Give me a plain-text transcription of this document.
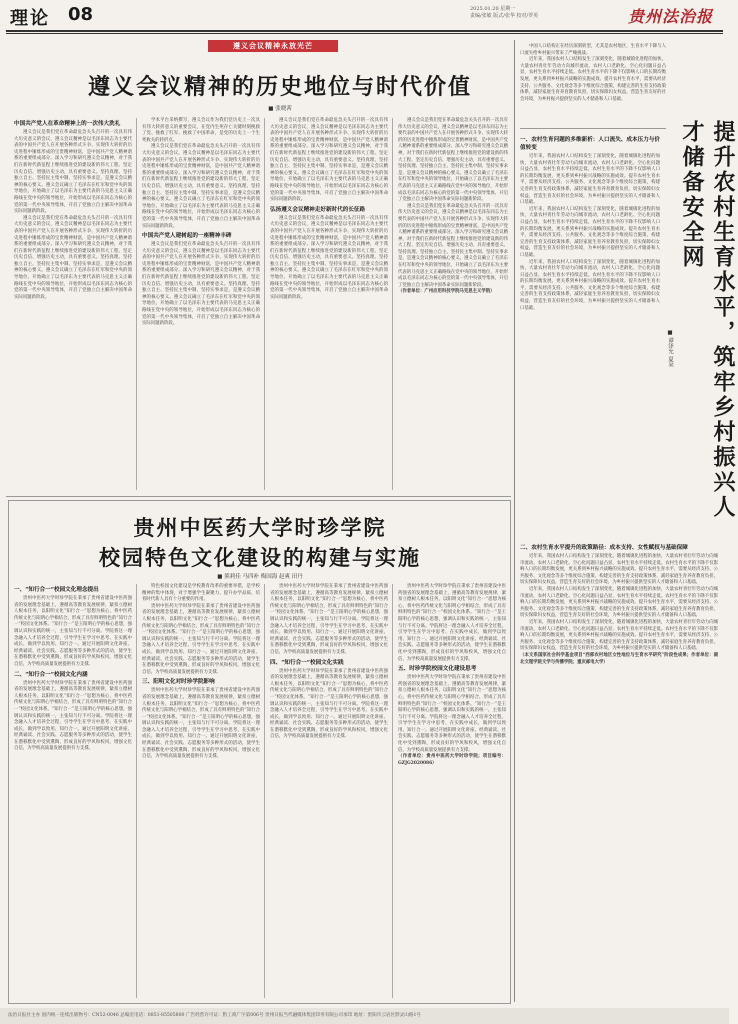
理论 08	2025.01.20 星期一
责编/张敏 版式/张华 校对/罗英	贵州法治报
遵义会议精神永放光芒
遵义会议精神的历史地位与时代价值
■ 张晓茜
中国共产党人在革命精神上的一次伟大洗礼

遵义会议是我们党在革命最危急关头召开的一次具有伟大历史意义的会议，遵义会议精神是以毛泽东同志为主要代表的中国共产党人在开展各种形式斗争、实现伟大转折的历史进程中锤炼形成的宝贵精神财富，是中国共产党人精神谱系的重要组成部分。深入学习和研究遵义会议精神，对于我们在新时代新征程上继续推进党的建设新的伟大工程、坚定历史自信、增强历史主动，具有重要意义。坚持真理、坚持独立自主、坚持民主集中制、坚持实事求是，是遵义会议精神的核心要义。遵义会议确立了毛泽东在红军和党中央的领导地位，开始确立了以毛泽东为主要代表的马克思主义正确路线在党中央的领导地位，开始形成以毛泽东同志为核心的党的第一代中央领导集体，开启了党独立自主解决中国革命实际问题新阶段。

遵义会议是我们党在革命最危急关头召开的一次具有伟大历史意义的会议，遵义会议精神是以毛泽东同志为主要代表的中国共产党人在开展各种形式斗争、实现伟大转折的历史进程中锤炼形成的宝贵精神财富，是中国共产党人精神谱系的重要组成部分。深入学习和研究遵义会议精神，对于我们在新时代新征程上继续推进党的建设新的伟大工程、坚定历史自信、增强历史主动，具有重要意义。坚持真理、坚持独立自主、坚持民主集中制、坚持实事求是，是遵义会议精神的核心要义。遵义会议确立了毛泽东在红军和党中央的领导地位，开始确立了以毛泽东为主要代表的马克思主义正确路线在党中央的领导地位，开始形成以毛泽东同志为核心的党的第一代中央领导集体，开启了党独立自主解决中国革命实际问题新阶段。

学术平台采纳撰写，遵义会议作为我们党历史上一次具有伟大转折意义的重要会议，在党内生死存亡关键时刻挽救了党、挽救了红军、挽救了中国革命，是党的历史上一个生死攸关的转折点。

遵义会议是我们党在革命最危急关头召开的一次具有伟大历史意义的会议，遵义会议精神是以毛泽东同志为主要代表的中国共产党人在开展各种形式斗争、实现伟大转折的历史进程中锤炼形成的宝贵精神财富，是中国共产党人精神谱系的重要组成部分。深入学习和研究遵义会议精神，对于我们在新时代新征程上继续推进党的建设新的伟大工程、坚定历史自信、增强历史主动，具有重要意义。坚持真理、坚持独立自主、坚持民主集中制、坚持实事求是，是遵义会议精神的核心要义。遵义会议确立了毛泽东在红军和党中央的领导地位，开始确立了以毛泽东为主要代表的马克思主义正确路线在党中央的领导地位，开始形成以毛泽东同志为核心的党的第一代中央领导集体，开启了党独立自主解决中国革命实际问题新阶段。

中国共产党人建树起的一座精神丰碑

遵义会议是我们党在革命最危急关头召开的一次具有伟大历史意义的会议，遵义会议精神是以毛泽东同志为主要代表的中国共产党人在开展各种形式斗争、实现伟大转折的历史进程中锤炼形成的宝贵精神财富，是中国共产党人精神谱系的重要组成部分。深入学习和研究遵义会议精神，对于我们在新时代新征程上继续推进党的建设新的伟大工程、坚定历史自信、增强历史主动，具有重要意义。坚持真理、坚持独立自主、坚持民主集中制、坚持实事求是，是遵义会议精神的核心要义。遵义会议确立了毛泽东在红军和党中央的领导地位，开始确立了以毛泽东为主要代表的马克思主义正确路线在党中央的领导地位，开始形成以毛泽东同志为核心的党的第一代中央领导集体，开启了党独立自主解决中国革命实际问题新阶段。

遵义会议是我们党在革命最危急关头召开的一次具有伟大历史意义的会议，遵义会议精神是以毛泽东同志为主要代表的中国共产党人在开展各种形式斗争、实现伟大转折的历史进程中锤炼形成的宝贵精神财富，是中国共产党人精神谱系的重要组成部分。深入学习和研究遵义会议精神，对于我们在新时代新征程上继续推进党的建设新的伟大工程、坚定历史自信、增强历史主动，具有重要意义。坚持真理、坚持独立自主、坚持民主集中制、坚持实事求是，是遵义会议精神的核心要义。遵义会议确立了毛泽东在红军和党中央的领导地位，开始确立了以毛泽东为主要代表的马克思主义正确路线在党中央的领导地位，开始形成以毛泽东同志为核心的党的第一代中央领导集体，开启了党独立自主解决中国革命实际问题新阶段。

弘扬遵义会议精神走好新时代的长征路

遵义会议是我们党在革命最危急关头召开的一次具有伟大历史意义的会议，遵义会议精神是以毛泽东同志为主要代表的中国共产党人在开展各种形式斗争、实现伟大转折的历史进程中锤炼形成的宝贵精神财富，是中国共产党人精神谱系的重要组成部分。深入学习和研究遵义会议精神，对于我们在新时代新征程上继续推进党的建设新的伟大工程、坚定历史自信、增强历史主动，具有重要意义。坚持真理、坚持独立自主、坚持民主集中制、坚持实事求是，是遵义会议精神的核心要义。遵义会议确立了毛泽东在红军和党中央的领导地位，开始确立了以毛泽东为主要代表的马克思主义正确路线在党中央的领导地位，开始形成以毛泽东同志为核心的党的第一代中央领导集体，开启了党独立自主解决中国革命实际问题新阶段。

遵义会议是我们党在革命最危急关头召开的一次具有伟大历史意义的会议，遵义会议精神是以毛泽东同志为主要代表的中国共产党人在开展各种形式斗争、实现伟大转折的历史进程中锤炼形成的宝贵精神财富，是中国共产党人精神谱系的重要组成部分。深入学习和研究遵义会议精神，对于我们在新时代新征程上继续推进党的建设新的伟大工程、坚定历史自信、增强历史主动，具有重要意义。坚持真理、坚持独立自主、坚持民主集中制、坚持实事求是，是遵义会议精神的核心要义。遵义会议确立了毛泽东在红军和党中央的领导地位，开始确立了以毛泽东为主要代表的马克思主义正确路线在党中央的领导地位，开始形成以毛泽东同志为核心的党的第一代中央领导集体，开启了党独立自主解决中国革命实际问题新阶段。

遵义会议是我们党在革命最危急关头召开的一次具有伟大历史意义的会议，遵义会议精神是以毛泽东同志为主要代表的中国共产党人在开展各种形式斗争、实现伟大转折的历史进程中锤炼形成的宝贵精神财富，是中国共产党人精神谱系的重要组成部分。深入学习和研究遵义会议精神，对于我们在新时代新征程上继续推进党的建设新的伟大工程、坚定历史自信、增强历史主动，具有重要意义。坚持真理、坚持独立自主、坚持民主集中制、坚持实事求是，是遵义会议精神的核心要义。遵义会议确立了毛泽东在红军和党中央的领导地位，开始确立了以毛泽东为主要代表的马克思主义正确路线在党中央的领导地位，开始形成以毛泽东同志为核心的党的第一代中央领导集体，开启了党独立自主解决中国革命实际问题新阶段。

（作者单位：广州应用科技学院马克思主义学院）
贵州中医药大学时珍学院
校园特色文化建设的构建与实施
■ 熊莉佳 马四补 梅国海 赵爽 田丹
一、“知行合一”校园文化理念提出

贵州中医药大学时珍学院在秉承了贵州省建设中医药强省的发展理念基础上，遵循高等教育发展规律，紧扣立德树人根本任务，以阳明文化“知行合一”思想为核心，将中医药传统文化与阳明心学相结合，形成了具有鲜明特色的“知行合一”校园文化体系。“知行合一”是王阳明心学的核心思想，强调认识和实践的统一，主张知与行不可分离。学院将这一理念融入人才培养全过程，引导学生在学习中思考、在实践中成长，做到学以致用、知行合一。通过开展阳明文化讲座、经典诵读、社会实践、志愿服务等多种形式的活动，使学生在潜移默化中受到熏陶，形成良好的学风和校风，增强文化自信，为学校高质量发展提供有力支撑。

二、“知行合一”校园文化内涵

贵州中医药大学时珍学院在秉承了贵州省建设中医药强省的发展理念基础上，遵循高等教育发展规律，紧扣立德树人根本任务，以阳明文化“知行合一”思想为核心，将中医药传统文化与阳明心学相结合，形成了具有鲜明特色的“知行合一”校园文化体系。“知行合一”是王阳明心学的核心思想，强调认识和实践的统一，主张知与行不可分离。学院将这一理念融入人才培养全过程，引导学生在学习中思考、在实践中成长，做到学以致用、知行合一。通过开展阳明文化讲座、经典诵读、社会实践、志愿服务等多种形式的活动，使学生在潜移默化中受到熏陶，形成良好的学风和校风，增强文化自信，为学校高质量发展提供有力支撑。

特色校园文化建设是学校教育改革的重要举措，是学校精神的集中体现，对于增强学生凝聚力、提升办学品质、培育时代新人具有十分重要的作用。

贵州中医药大学时珍学院在秉承了贵州省建设中医药强省的发展理念基础上，遵循高等教育发展规律，紧扣立德树人根本任务，以阳明文化“知行合一”思想为核心，将中医药传统文化与阳明心学相结合，形成了具有鲜明特色的“知行合一”校园文化体系。“知行合一”是王阳明心学的核心思想，强调认识和实践的统一，主张知与行不可分离。学院将这一理念融入人才培养全过程，引导学生在学习中思考、在实践中成长，做到学以致用、知行合一。通过开展阳明文化讲座、经典诵读、社会实践、志愿服务等多种形式的活动，使学生在潜移默化中受到熏陶，形成良好的学风和校风，增强文化自信，为学校高质量发展提供有力支撑。

三、阳明文化对时珍学院影响

贵州中医药大学时珍学院在秉承了贵州省建设中医药强省的发展理念基础上，遵循高等教育发展规律，紧扣立德树人根本任务，以阳明文化“知行合一”思想为核心，将中医药传统文化与阳明心学相结合，形成了具有鲜明特色的“知行合一”校园文化体系。“知行合一”是王阳明心学的核心思想，强调认识和实践的统一，主张知与行不可分离。学院将这一理念融入人才培养全过程，引导学生在学习中思考、在实践中成长，做到学以致用、知行合一。通过开展阳明文化讲座、经典诵读、社会实践、志愿服务等多种形式的活动，使学生在潜移默化中受到熏陶，形成良好的学风和校风，增强文化自信，为学校高质量发展提供有力支撑。

贵州中医药大学时珍学院在秉承了贵州省建设中医药强省的发展理念基础上，遵循高等教育发展规律，紧扣立德树人根本任务，以阳明文化“知行合一”思想为核心，将中医药传统文化与阳明心学相结合，形成了具有鲜明特色的“知行合一”校园文化体系。“知行合一”是王阳明心学的核心思想，强调认识和实践的统一，主张知与行不可分离。学院将这一理念融入人才培养全过程，引导学生在学习中思考、在实践中成长，做到学以致用、知行合一。通过开展阳明文化讲座、经典诵读、社会实践、志愿服务等多种形式的活动，使学生在潜移默化中受到熏陶，形成良好的学风和校风，增强文化自信，为学校高质量发展提供有力支撑。

四、“知行合一”校园文化实践

贵州中医药大学时珍学院在秉承了贵州省建设中医药强省的发展理念基础上，遵循高等教育发展规律，紧扣立德树人根本任务，以阳明文化“知行合一”思想为核心，将中医药传统文化与阳明心学相结合，形成了具有鲜明特色的“知行合一”校园文化体系。“知行合一”是王阳明心学的核心思想，强调认识和实践的统一，主张知与行不可分离。学院将这一理念融入人才培养全过程，引导学生在学习中思考、在实践中成长，做到学以致用、知行合一。通过开展阳明文化讲座、经典诵读、社会实践、志愿服务等多种形式的活动，使学生在潜移默化中受到熏陶，形成良好的学风和校风，增强文化自信，为学校高质量发展提供有力支撑。

贵州中医药大学时珍学院在秉承了贵州省建设中医药强省的发展理念基础上，遵循高等教育发展规律，紧扣立德树人根本任务，以阳明文化“知行合一”思想为核心，将中医药传统文化与阳明心学相结合，形成了具有鲜明特色的“知行合一”校园文化体系。“知行合一”是王阳明心学的核心思想，强调认识和实践的统一，主张知与行不可分离。学院将这一理念融入人才培养全过程，引导学生在学习中思考、在实践中成长，做到学以致用、知行合一。通过开展阳明文化讲座、经典诵读、社会实践、志愿服务等多种形式的活动，使学生在潜移默化中受到熏陶，形成良好的学风和校风，增强文化自信，为学校高质量发展提供有力支撑。

五、时珍学院校园文化建设思考

贵州中医药大学时珍学院在秉承了贵州省建设中医药强省的发展理念基础上，遵循高等教育发展规律，紧扣立德树人根本任务，以阳明文化“知行合一”思想为核心，将中医药传统文化与阳明心学相结合，形成了具有鲜明特色的“知行合一”校园文化体系。“知行合一”是王阳明心学的核心思想，强调认识和实践的统一，主张知与行不可分离。学院将这一理念融入人才培养全过程，引导学生在学习中思考、在实践中成长，做到学以致用、知行合一。通过开展阳明文化讲座、经典诵读、社会实践、志愿服务等多种形式的活动，使学生在潜移默化中受到熏陶，形成良好的学风和校风，增强文化自信，为学校高质量发展提供有力支撑。

（作者单位：贵州中医药大学时珍学院；项目编号：GZJG2020086）

中国人口结构正在经历深刻转型，尤其是农村地区，生育水平下降与人口流失给乡村振兴带来了严峻挑战。

近年来，我国农村人口结构发生了深刻变化，随着城镇化进程的加快，大量农村青壮年劳动力向城市流动，农村人口老龄化、空心化问题日益凸显，农村生育水平持续走低。农村生育水平的下降不仅影响人口的长期均衡发展，更关系到乡村振兴战略的实施成效。提升农村生育水平，需要从经济支持、公共服务、文化观念等多个维度综合施策，构建完善的生育支持政策体系，减轻家庭生育养育教育负担，切实保障妇女权益，营造生育友好的社会环境，为乡村振兴提供坚实的人才储备和人口基础。

提升农村生育水平，筑牢乡村振兴人才储备安全网
■ 谭泽允 夏朵
一、农村生育问题的多维新析：人口流失、成本压力与价值转变

近年来，我国农村人口结构发生了深刻变化，随着城镇化进程的加快，大量农村青壮年劳动力向城市流动，农村人口老龄化、空心化问题日益凸显，农村生育水平持续走低。农村生育水平的下降不仅影响人口的长期均衡发展，更关系到乡村振兴战略的实施成效。提升农村生育水平，需要从经济支持、公共服务、文化观念等多个维度综合施策，构建完善的生育支持政策体系，减轻家庭生育养育教育负担，切实保障妇女权益，营造生育友好的社会环境，为乡村振兴提供坚实的人才储备和人口基础。

近年来，我国农村人口结构发生了深刻变化，随着城镇化进程的加快，大量农村青壮年劳动力向城市流动，农村人口老龄化、空心化问题日益凸显，农村生育水平持续走低。农村生育水平的下降不仅影响人口的长期均衡发展，更关系到乡村振兴战略的实施成效。提升农村生育水平，需要从经济支持、公共服务、文化观念等多个维度综合施策，构建完善的生育支持政策体系，减轻家庭生育养育教育负担，切实保障妇女权益，营造生育友好的社会环境，为乡村振兴提供坚实的人才储备和人口基础。

近年来，我国农村人口结构发生了深刻变化，随着城镇化进程的加快，大量农村青壮年劳动力向城市流动，农村人口老龄化、空心化问题日益凸显，农村生育水平持续走低。农村生育水平的下降不仅影响人口的长期均衡发展，更关系到乡村振兴战略的实施成效。提升农村生育水平，需要从经济支持、公共服务、文化观念等多个维度综合施策，构建完善的生育支持政策体系，减轻家庭生育养育教育负担，切实保障妇女权益，营造生育友好的社会环境，为乡村振兴提供坚实的人才储备和人口基础。

二、农村生育水平提升的政策路径：成本支持、女性赋权与基础保障

近年来，我国农村人口结构发生了深刻变化，随着城镇化进程的加快，大量农村青壮年劳动力向城市流动，农村人口老龄化、空心化问题日益凸显，农村生育水平持续走低。农村生育水平的下降不仅影响人口的长期均衡发展，更关系到乡村振兴战略的实施成效。提升农村生育水平，需要从经济支持、公共服务、文化观念等多个维度综合施策，构建完善的生育支持政策体系，减轻家庭生育养育教育负担，切实保障妇女权益，营造生育友好的社会环境，为乡村振兴提供坚实的人才储备和人口基础。

近年来，我国农村人口结构发生了深刻变化，随着城镇化进程的加快，大量农村青壮年劳动力向城市流动，农村人口老龄化、空心化问题日益凸显，农村生育水平持续走低。农村生育水平的下降不仅影响人口的长期均衡发展，更关系到乡村振兴战略的实施成效。提升农村生育水平，需要从经济支持、公共服务、文化观念等多个维度综合施策，构建完善的生育支持政策体系，减轻家庭生育养育教育负担，切实保障妇女权益，营造生育友好的社会环境，为乡村振兴提供坚实的人才储备和人口基础。

近年来，我国农村人口结构发生了深刻变化，随着城镇化进程的加快，大量农村青壮年劳动力向城市流动，农村人口老龄化、空心化问题日益凸显，农村生育水平持续走低。农村生育水平的下降不仅影响人口的长期均衡发展，更关系到乡村振兴战略的实施成效。提升农村生育水平，需要从经济支持、公共服务、文化观念等多个维度综合施策，构建完善的生育支持政策体系，减轻家庭生育养育教育负担，切实保障妇女权益，营造生育友好的社会环境，为乡村振兴提供坚实的人才储备和人口基础。

（本文系国家社会科学基金项目“西部农村地区女性地位与生育水平研究”阶段性成果；作者单位：湖北文理学院文学与传播学院；重庆邮电大学）
法治日报社主办 国内统一连续出版物号：CN52-0046 总编室电话：0851-85505800 广告经营许可证：黔工商广字第006号 贵州日报当代融媒体集团印务有限公司承印 地址：贵阳市云岩区黔灵山路1号
